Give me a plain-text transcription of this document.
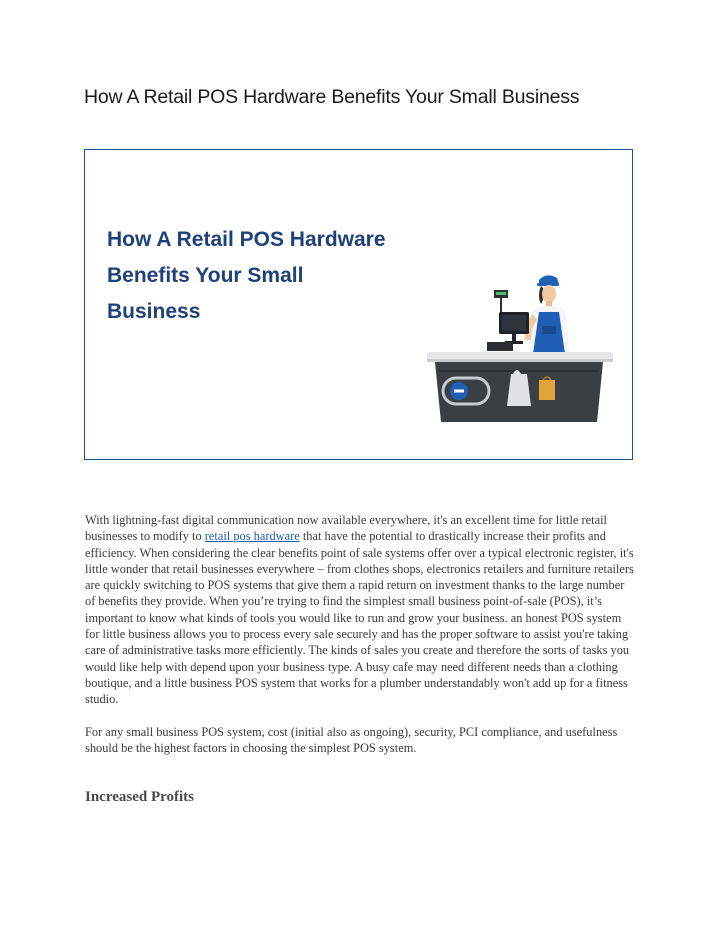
How A Retail POS Hardware Benefits Your Small Business
How A Retail POS Hardware
Benefits Your Small
Business

With lightning-fast digital communication now available everywhere, it's an excellent time for little retail businesses to modify to retail pos hardware that have the potential to drastically increase their profits and efficiency. When considering the clear benefits point of sale systems offer over a typical electronic register, it's little wonder that retail businesses everywhere – from clothes shops, electronics retailers and furniture retailers are quickly switching to POS systems that give them a rapid return on investment thanks to the large number of benefits they provide. When you’re trying to find the simplest small business point-of-sale (POS), it’s important to know what kinds of tools you would like to run and grow your business. an honest POS system for little business allows you to process every sale securely and has the proper software to assist you're taking care of administrative tasks more efficiently. The kinds of sales you create and therefore the sorts of tasks you would like help with depend upon your business type. A busy cafe may need different needs than a clothing boutique, and a little business POS system that works for a plumber understandably won't add up for a fitness studio.

For any small business POS system, cost (initial also as ongoing), security, PCI compliance, and usefulness should be the highest factors in choosing the simplest POS system.

Increased Profits
